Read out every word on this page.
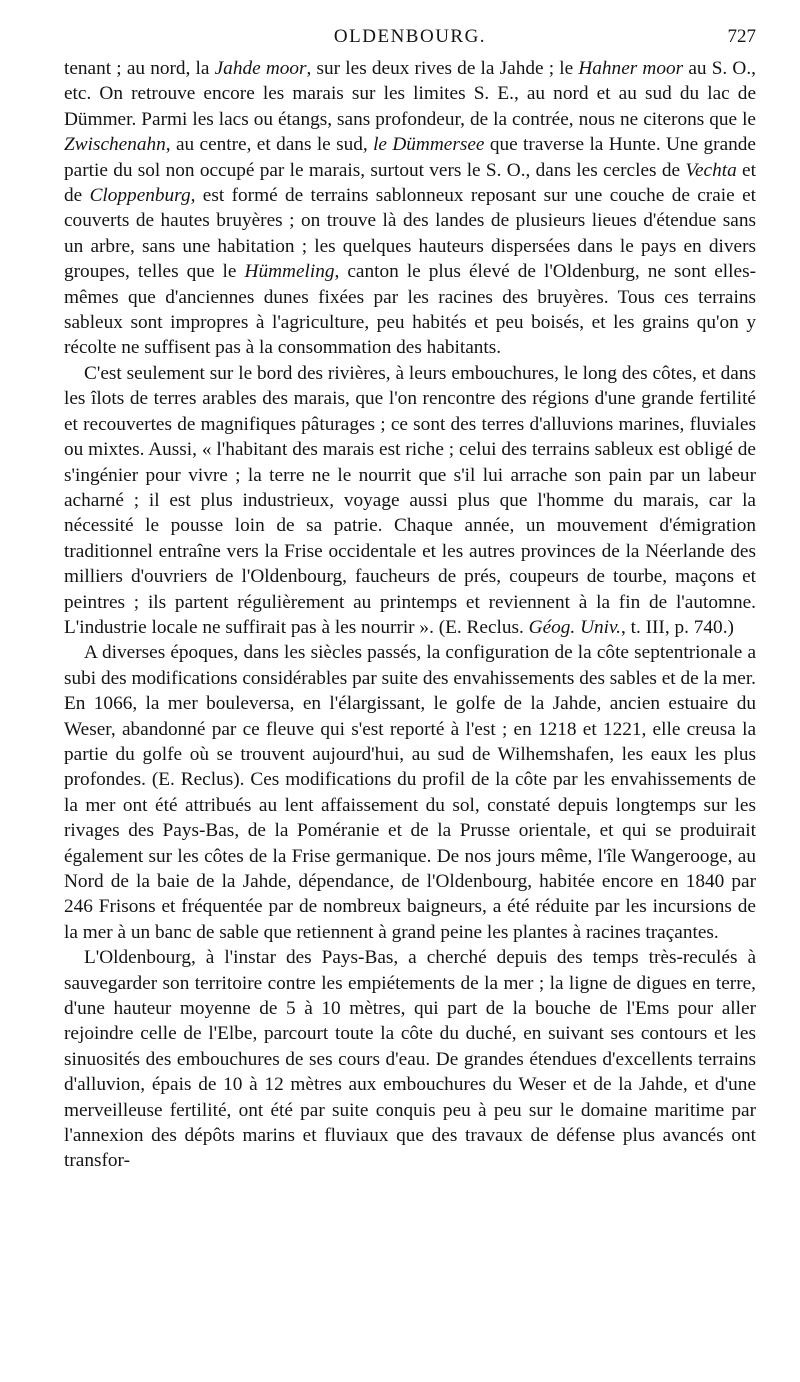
OLDENBOURG.	727

tenant ; au nord, la Jahde moor, sur les deux rives de la Jahde ; le Hahner moor au S. O., etc. On retrouve encore les marais sur les limites S. E., au nord et au sud du lac de Dümmer. Parmi les lacs ou étangs, sans profondeur, de la contrée, nous ne citerons que le Zwischenahn, au centre, et dans le sud, le Dümmersee que traverse la Hunte. Une grande partie du sol non occupé par le marais, surtout vers le S. O., dans les cercles de Vechta et de Cloppenburg, est formé de terrains sablonneux reposant sur une couche de craie et couverts de hautes bruyères ; on trouve là des landes de plusieurs lieues d'étendue sans un arbre, sans une habitation ; les quelques hauteurs dispersées dans le pays en divers groupes, telles que le Hümmeling, canton le plus élevé de l'Oldenburg, ne sont elles-mêmes que d'anciennes dunes fixées par les racines des bruyères. Tous ces terrains sableux sont impropres à l'agriculture, peu habités et peu boisés, et les grains qu'on y récolte ne suffisent pas à la consommation des habitants.

C'est seulement sur le bord des rivières, à leurs embouchures, le long des côtes, et dans les îlots de terres arables des marais, que l'on rencontre des régions d'une grande fertilité et recouvertes de magnifiques pâturages ; ce sont des terres d'alluvions marines, fluviales ou mixtes. Aussi, « l'habitant des marais est riche ; celui des terrains sableux est obligé de s'ingénier pour vivre ; la terre ne le nourrit que s'il lui arrache son pain par un labeur acharné ; il est plus industrieux, voyage aussi plus que l'homme du marais, car la nécessité le pousse loin de sa patrie. Chaque année, un mouvement d'émigration traditionnel entraîne vers la Frise occidentale et les autres provinces de la Néerlande des milliers d'ouvriers de l'Oldenbourg, faucheurs de prés, coupeurs de tourbe, maçons et peintres ; ils partent régulièrement au printemps et reviennent à la fin de l'automne. L'industrie locale ne suffirait pas à les nourrir ». (E. Reclus. Géog. Univ., t. III, p. 740.)

A diverses époques, dans les siècles passés, la configuration de la côte septentrionale a subi des modifications considérables par suite des envahissements des sables et de la mer. En 1066, la mer bouleversa, en l'élargissant, le golfe de la Jahde, ancien estuaire du Weser, abandonné par ce fleuve qui s'est reporté à l'est ; en 1218 et 1221, elle creusa la partie du golfe où se trouvent aujourd'hui, au sud de Wilhemshafen, les eaux les plus profondes. (E. Reclus). Ces modifications du profil de la côte par les envahissements de la mer ont été attribués au lent affaissement du sol, constaté depuis longtemps sur les rivages des Pays-Bas, de la Poméranie et de la Prusse orientale, et qui se produirait également sur les côtes de la Frise germanique. De nos jours même, l'île Wangerooge, au Nord de la baie de la Jahde, dépendance, de l'Oldenbourg, habitée encore en 1840 par 246 Frisons et fréquentée par de nombreux baigneurs, a été réduite par les incursions de la mer à un banc de sable que retiennent à grand peine les plantes à racines traçantes.

L'Oldenbourg, à l'instar des Pays-Bas, a cherché depuis des temps très-reculés à sauvegarder son territoire contre les empiétements de la mer ; la ligne de digues en terre, d'une hauteur moyenne de 5 à 10 mètres, qui part de la bouche de l'Ems pour aller rejoindre celle de l'Elbe, parcourt toute la côte du duché, en suivant ses contours et les sinuosités des embouchures de ses cours d'eau. De grandes étendues d'excellents terrains d'alluvion, épais de 10 à 12 mètres aux embouchures du Weser et de la Jahde, et d'une merveilleuse fertilité, ont été par suite conquis peu à peu sur le domaine maritime par l'annexion des dépôts marins et fluviaux que des travaux de défense plus avancés ont transfor-
